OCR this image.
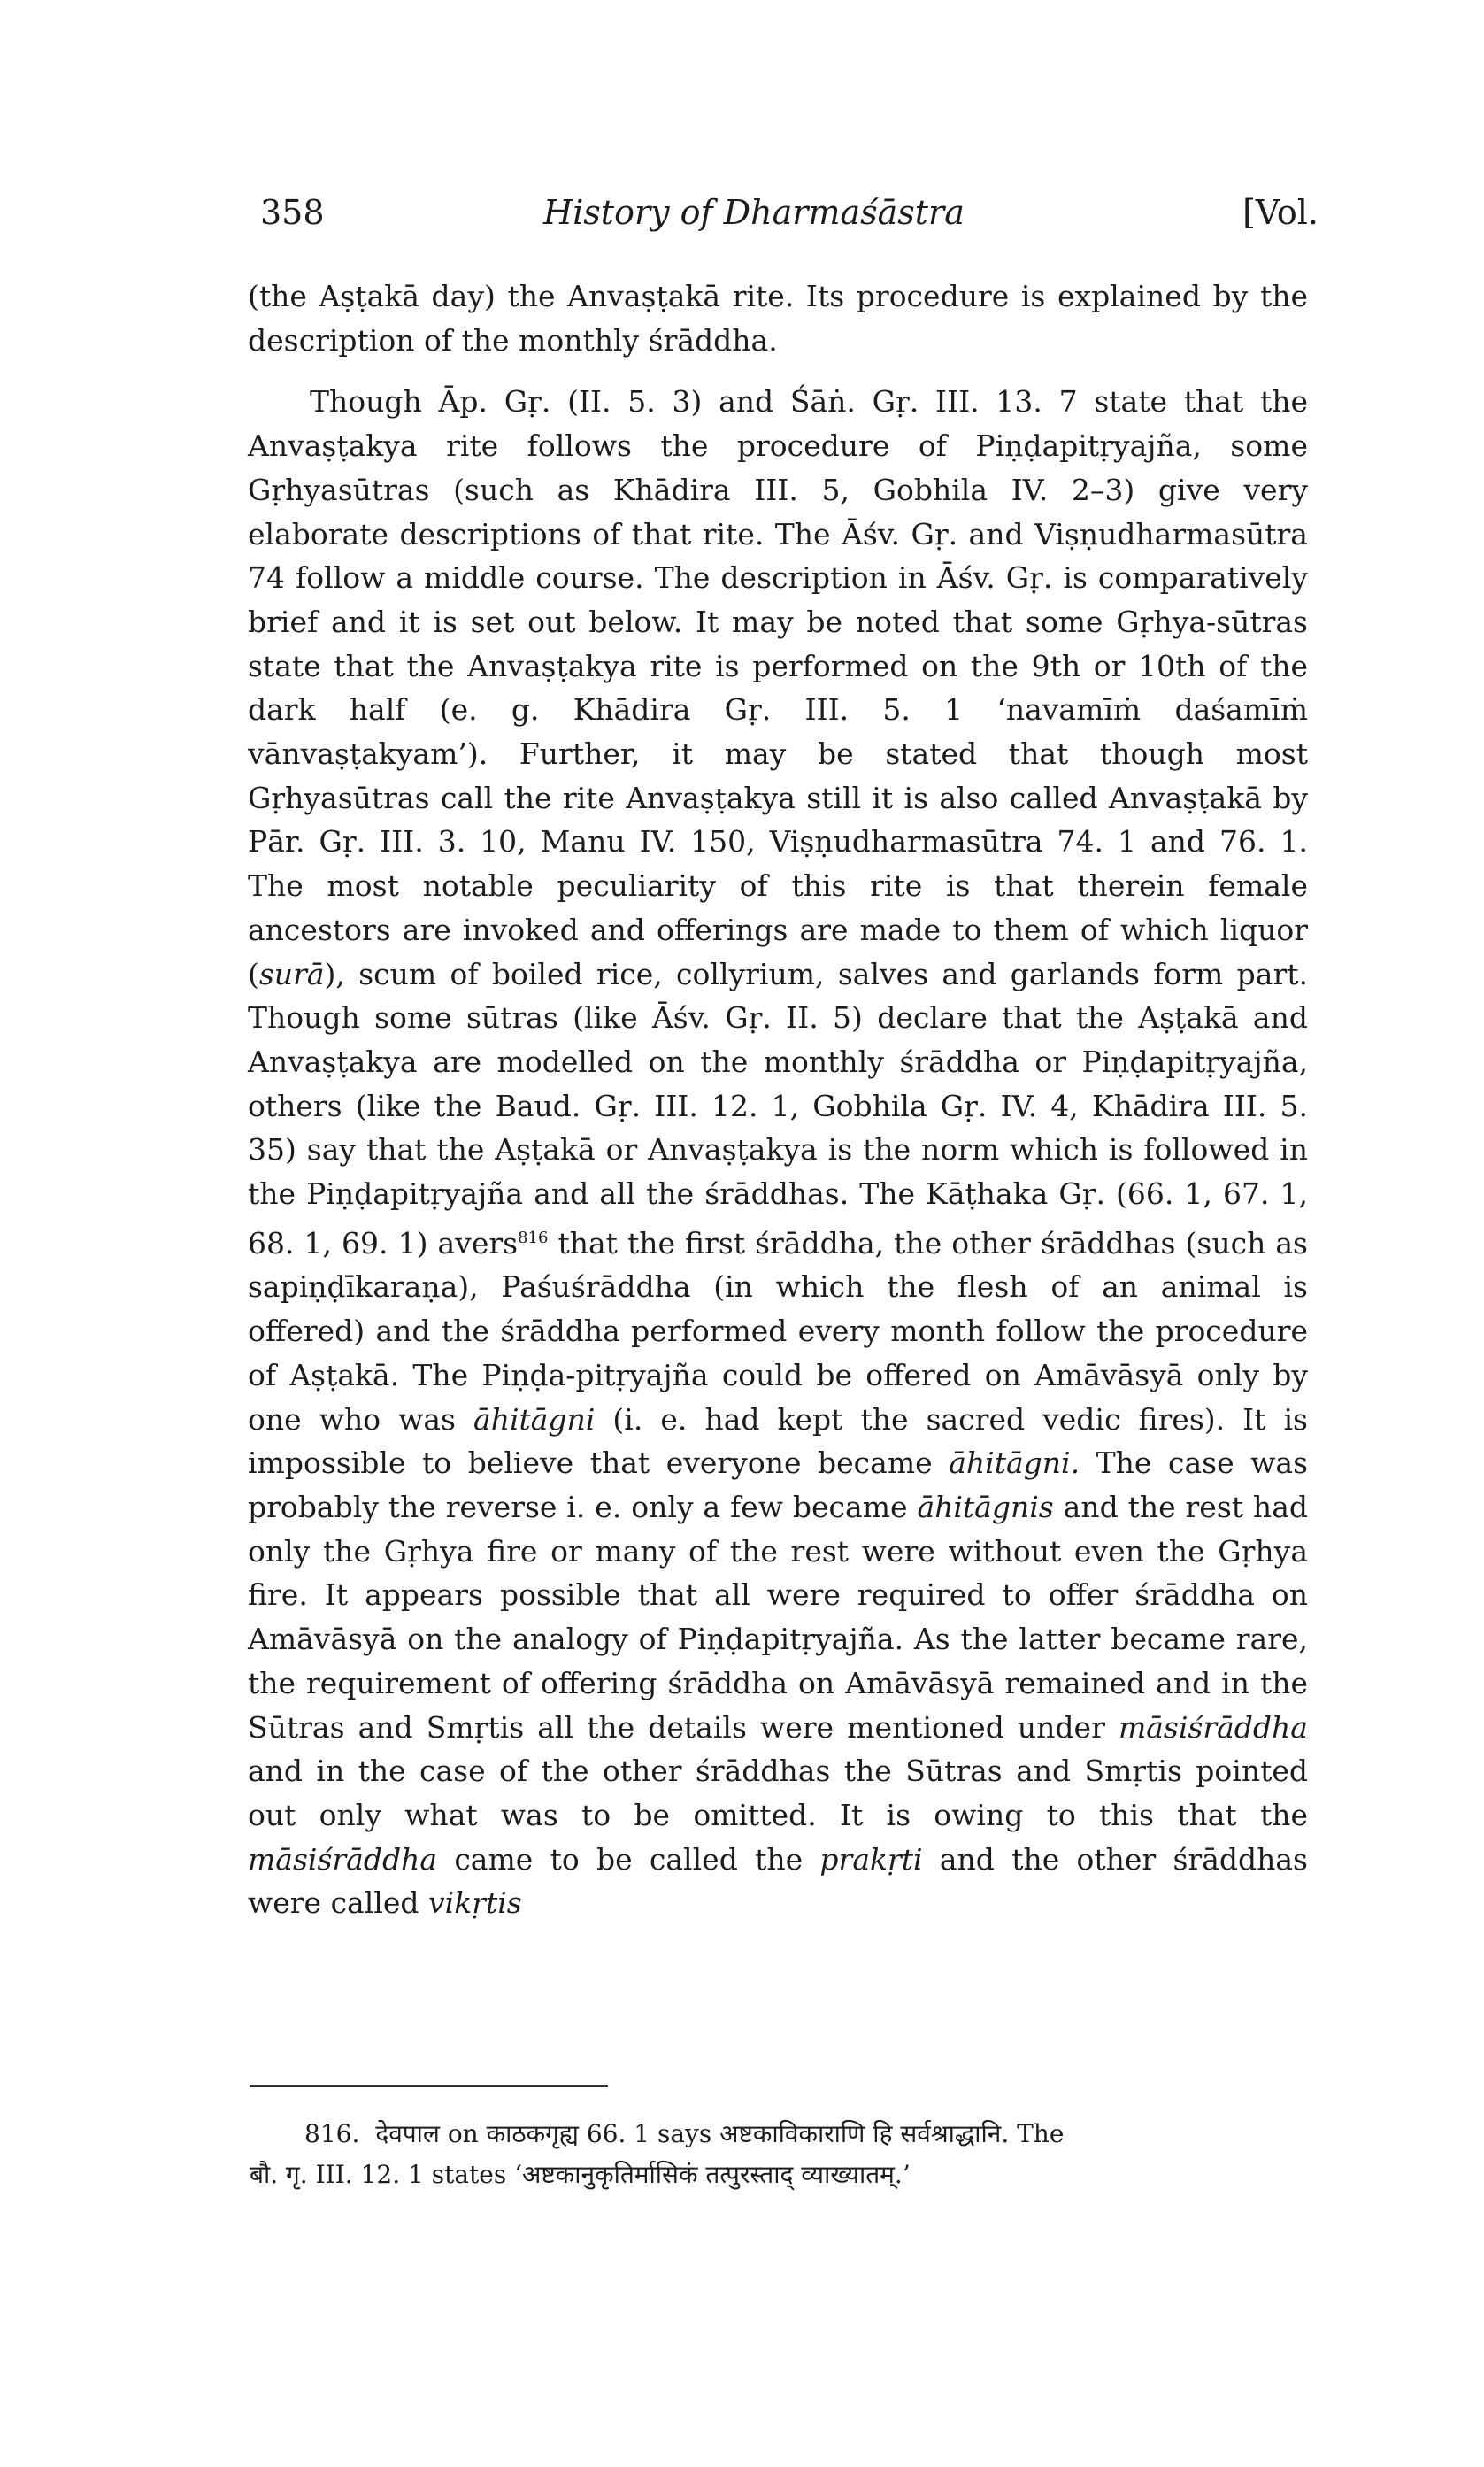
358	History of Dharmaśāstra	[Vol.

(the Aṣṭakā day) the Anvaṣṭakā rite. Its procedure is explained by the description of the monthly śrāddha.

Though Āp. Gṛ. (II. 5. 3) and Śāṅ. Gṛ. III. 13. 7 state that the Anvaṣṭakya rite follows the procedure of Piṇḍapitṛyajña, some Gṛhyasūtras (such as Khādira III. 5, Gobhila IV. 2–3) give very elaborate descriptions of that rite. The Āśv. Gṛ. and Viṣṇudharmasūtra 74 follow a middle course. The description in Āśv. Gṛ. is comparatively brief and it is set out below. It may be noted that some Gṛhya-sūtras state that the Anvaṣṭakya rite is performed on the 9th or 10th of the dark half (e. g. Khādira Gṛ. III. 5. 1 ‘navamīṁ daśamīṁ vānvaṣṭakyam’). Further, it may be stated that though most Gṛhyasūtras call the rite Anvaṣṭakya still it is also called Anvaṣṭakā by Pār. Gṛ. III. 3. 10, Manu IV. 150, Viṣṇudharmasūtra 74. 1 and 76. 1. The most notable peculiarity of this rite is that therein female ancestors are invoked and offerings are made to them of which liquor (surā), scum of boiled rice, collyrium, salves and garlands form part. Though some sūtras (like Āśv. Gṛ. II. 5) declare that the Aṣṭakā and Anvaṣṭakya are modelled on the monthly śrāddha or Piṇḍapitṛyajña, others (like the Baud. Gṛ. III. 12. 1, Gobhila Gṛ. IV. 4, Khādira III. 5. 35) say that the Aṣṭakā or Anvaṣṭakya is the norm which is followed in the Piṇḍapitṛyajña and all the śrāddhas. The Kāṭhaka Gṛ. (66. 1, 67. 1, 68. 1, 69. 1) avers$^{816}$ that the first śrāddha, the other śrāddhas (such as sapiṇḍīkaraṇa), Paśuśrāddha (in which the flesh of an animal is offered) and the śrāddha performed every month follow the procedure of Aṣṭakā. The Piṇḍa-pitṛyajña could be offered on Amāvāsyā only by one who was āhitāgni (i. e. had kept the sacred vedic fires). It is impossible to believe that everyone became āhitāgni. The case was probably the reverse i. e. only a few became āhitāgnis and the rest had only the Gṛhya fire or many of the rest were without even the Gṛhya fire. It appears possible that all were required to offer śrāddha on Amāvāsyā on the analogy of Piṇḍapitṛyajña. As the latter became rare, the requirement of offering śrāddha on Amāvāsyā remained and in the Sūtras and Smṛtis all the details were mentioned under māsiśrāddha and in the case of the other śrāddhas the Sūtras and Smṛtis pointed out only what was to be omitted. It is owing to this that the māsiśrāddha came to be called the prakṛti and the other śrāddhas were called vikṛtis

816. देवपाल on काठकगृह्य 66. 1 says अष्टकाविकाराणि हि सर्वश्राद्धानि. The

बौ. गृ. III. 12. 1 states ‘अष्टकानुकृतिर्मासिकं तत्पुरस्ताद् व्याख्यातम्.’
